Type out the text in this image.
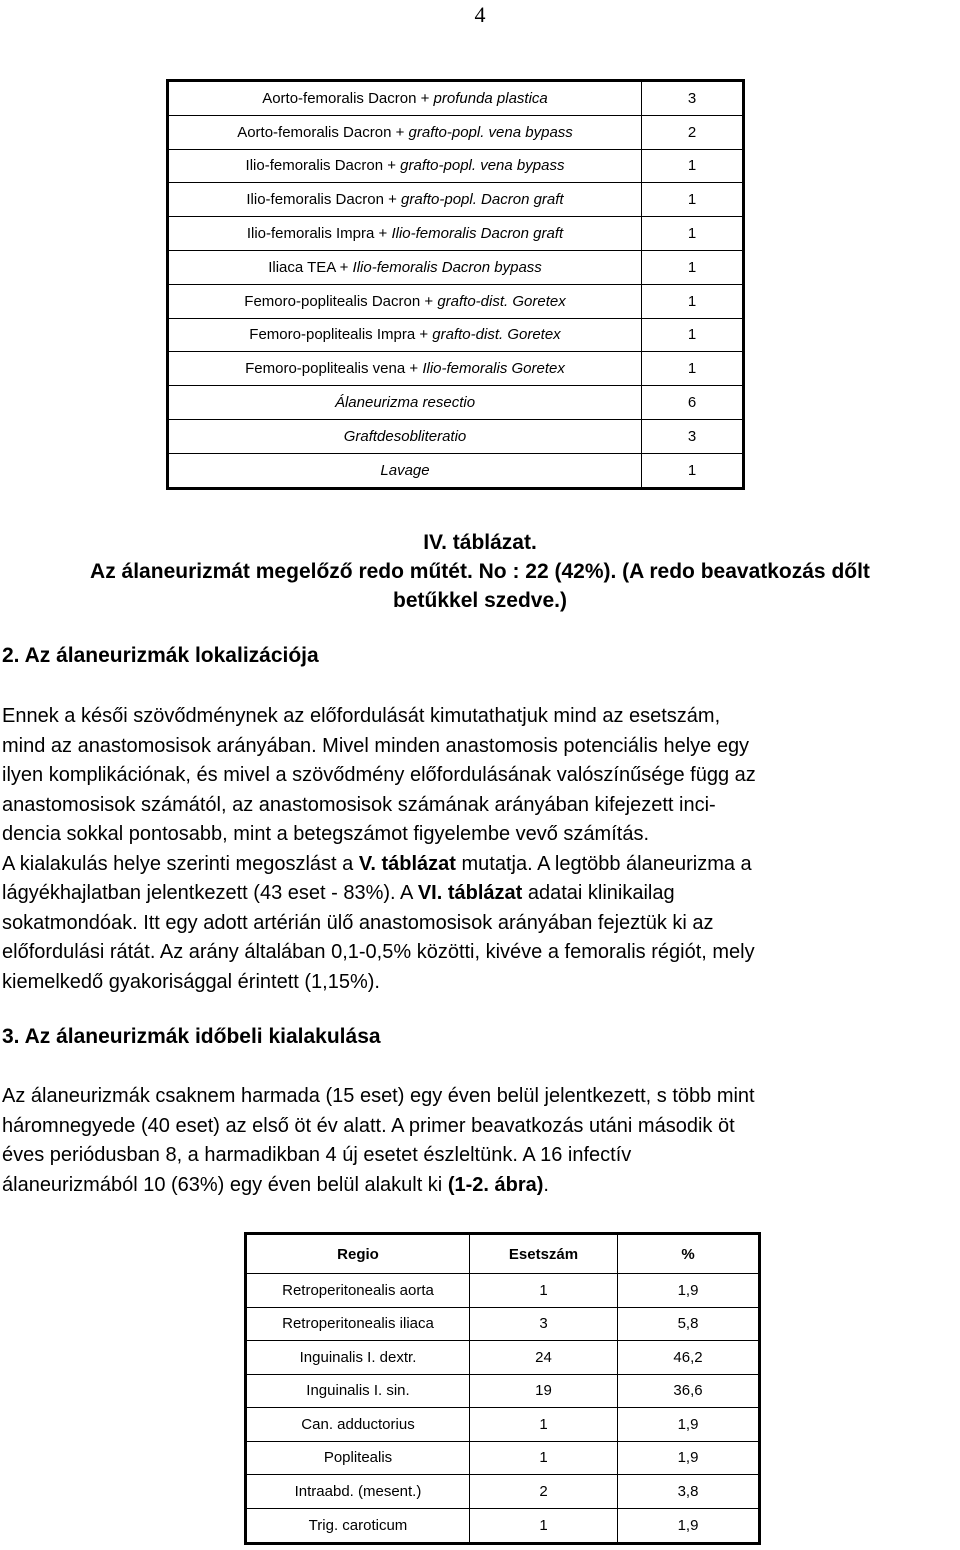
4
Aorto-femoralis Dacron + profunda plastica	3
Aorto-femoralis Dacron + grafto-popl. vena bypass	2
Ilio-femoralis Dacron + grafto-popl. vena bypass	1
Ilio-femoralis Dacron + grafto-popl. Dacron graft	1
Ilio-femoralis Impra + Ilio-femoralis Dacron graft	1
Iliaca TEA + Ilio-femoralis Dacron bypass	1
Femoro-poplitealis Dacron + grafto-dist. Goretex	1
Femoro-poplitealis Impra + grafto-dist. Goretex	1
Femoro-poplitealis vena + Ilio-femoralis Goretex	1
Álaneurizma resectio	6
Graftdesobliteratio	3
Lavage	1
IV. táblázat.
Az álaneurizmát megelőző redo műtét. No : 22 (42%). (A redo beavatkozás dőlt
betűkkel szedve.)
2. Az álaneurizmák lokalizációja
Ennek a késői szövődménynek az előfordulását kimutathatjuk mind az esetszám,
mind az anastomosisok arányában. Mivel minden anastomosis potenciális helye egy
ilyen komplikációnak, és mivel a szövődmény előfordulásának valószínűsége függ az
anastomosisok számától, az anastomosisok számának arányában kifejezett inci-
dencia sokkal pontosabb, mint a betegszámot figyelembe vevő számítás.
A kialakulás helye szerinti megoszlást a V. táblázat mutatja. A legtöbb álaneurizma a
lágyékhajlatban jelentkezett (43 eset - 83%). A VI. táblázat adatai klinikailag
sokatmondóak. Itt egy adott artérián ülő anastomosisok arányában fejeztük ki az
előfordulási rátát. Az arány általában 0,1-0,5% közötti, kivéve a femoralis régiót, mely
kiemelkedő gyakorisággal érintett (1,15%).
3. Az álaneurizmák időbeli kialakulása
Az álaneurizmák csaknem harmada (15 eset) egy éven belül jelentkezett, s több mint
háromnegyede (40 eset) az első öt év alatt. A primer beavatkozás utáni második öt
éves periódusban 8, a harmadikban 4 új esetet észleltünk. A 16 infectív
álaneurizmából 10 (63%) egy éven belül alakult ki (1-2. ábra).
Regio	Esetszám	%
Retroperitonealis aorta	1	1,9
Retroperitonealis iliaca	3	5,8
Inguinalis I. dextr.	24	46,2
Inguinalis I. sin.	19	36,6
Can. adductorius	1	1,9
Poplitealis	1	1,9
Intraabd. (mesent.)	2	3,8
Trig. caroticum	1	1,9
